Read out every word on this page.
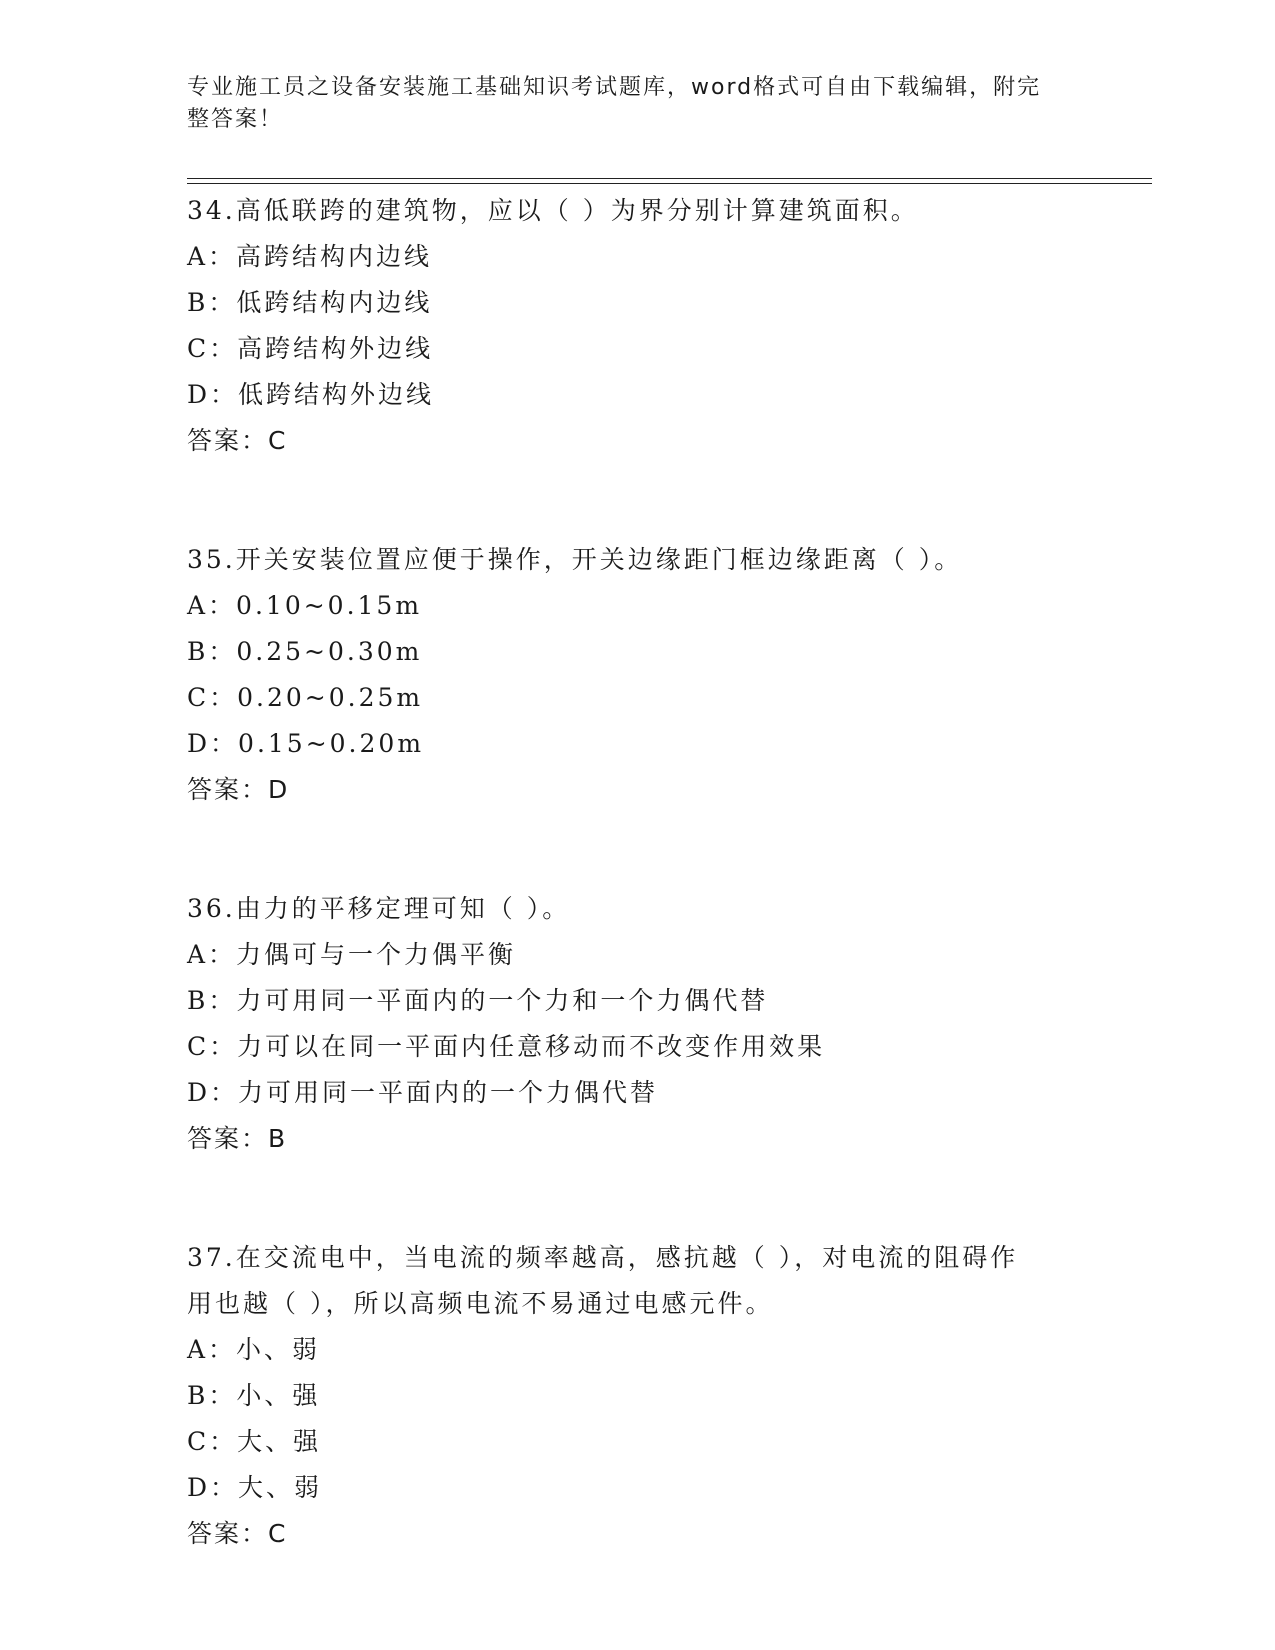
专业施工员之设备安装施工基础知识考试题库，word格式可自由下载编辑，附完
整答案！
34.高低联跨的建筑物，应以（ ）为界分别计算建筑面积。
A：高跨结构内边线
B：低跨结构内边线
C：高跨结构外边线
D：低跨结构外边线
答案：C
35.开关安装位置应便于操作，开关边缘距门框边缘距离（ ）。
A：0.10~0.15m
B：0.25~0.30m
C：0.20~0.25m
D：0.15~0.20m
答案：D
36.由力的平移定理可知（ ）。
A：力偶可与一个力偶平衡
B：力可用同一平面内的一个力和一个力偶代替
C：力可以在同一平面内任意移动而不改变作用效果
D：力可用同一平面内的一个力偶代替
答案：B
37.在交流电中，当电流的频率越高，感抗越（ ），对电流的阻碍作
用也越（ ），所以高频电流不易通过电感元件。
A：小、弱
B：小、强
C：大、强
D：大、弱
答案：C
